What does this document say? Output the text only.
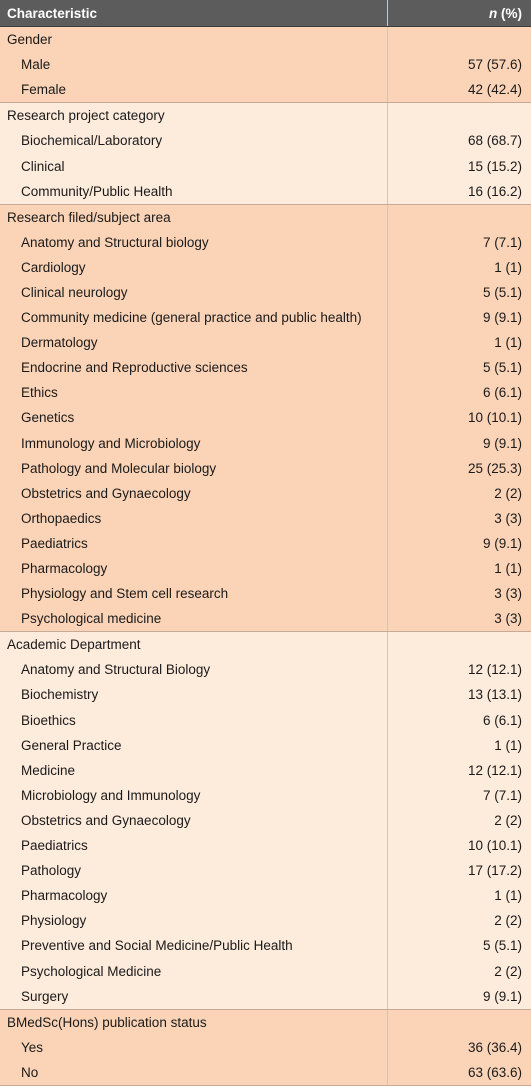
Characteristic	n (%)
Gender	
Male	57 (57.6)
Female	42 (42.4)
Research project category	
Biochemical/Laboratory	68 (68.7)
Clinical	15 (15.2)
Community/Public Health	16 (16.2)
Research filed/subject area	
Anatomy and Structural biology	7 (7.1)
Cardiology	1 (1)
Clinical neurology	5 (5.1)
Community medicine (general practice and public health)	9 (9.1)
Dermatology	1 (1)
Endocrine and Reproductive sciences	5 (5.1)
Ethics	6 (6.1)
Genetics	10 (10.1)
Immunology and Microbiology	9 (9.1)
Pathology and Molecular biology	25 (25.3)
Obstetrics and Gynaecology	2 (2)
Orthopaedics	3 (3)
Paediatrics	9 (9.1)
Pharmacology	1 (1)
Physiology and Stem cell research	3 (3)
Psychological medicine	3 (3)
Academic Department	
Anatomy and Structural Biology	12 (12.1)
Biochemistry	13 (13.1)
Bioethics	6 (6.1)
General Practice	1 (1)
Medicine	12 (12.1)
Microbiology and Immunology	7 (7.1)
Obstetrics and Gynaecology	2 (2)
Paediatrics	10 (10.1)
Pathology	17 (17.2)
Pharmacology	1 (1)
Physiology	2 (2)
Preventive and Social Medicine/Public Health	5 (5.1)
Psychological Medicine	2 (2)
Surgery	9 (9.1)
BMedSc(Hons) publication status	
Yes	36 (36.4)
No	63 (63.6)
